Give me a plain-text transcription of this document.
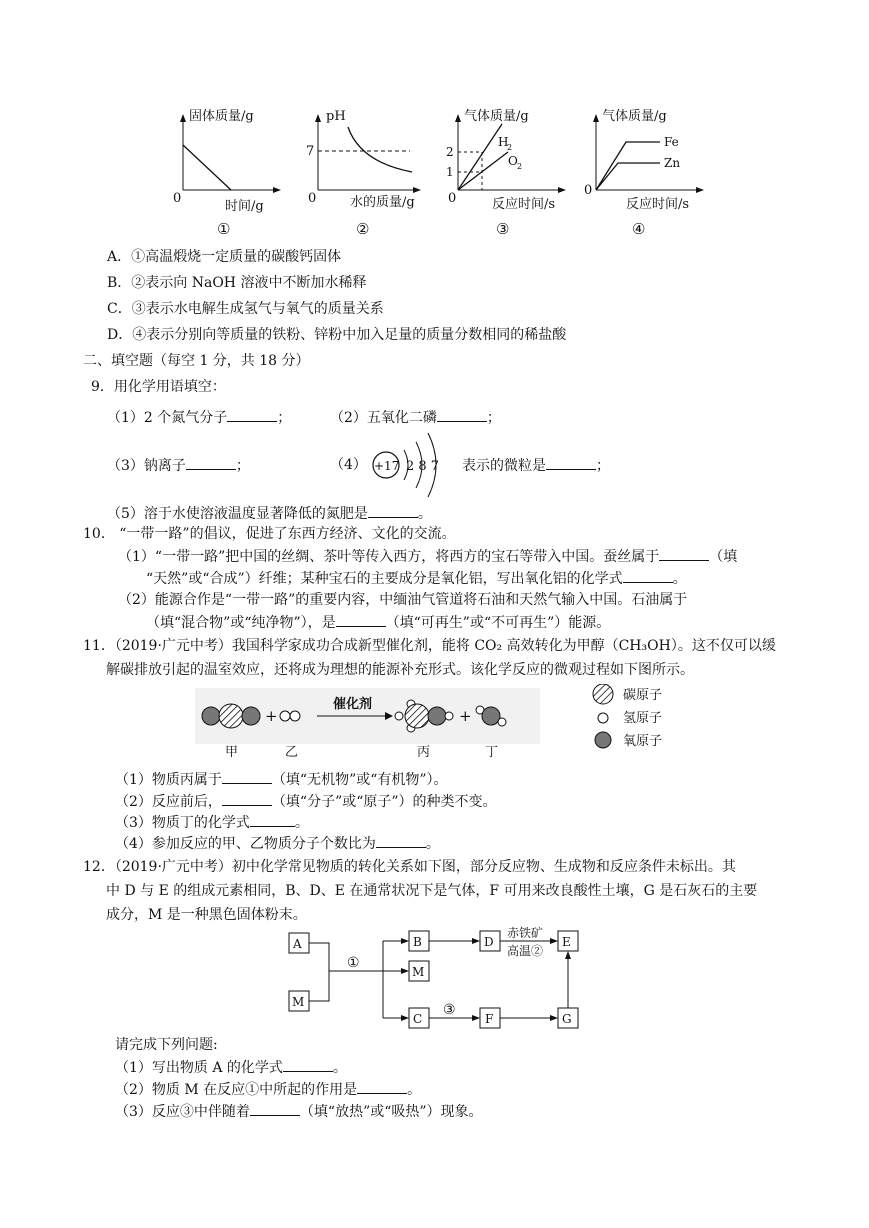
固体质量/g
0
时间/g
①
pH
7
0	水的质量/g
②
气体质量/g
2
1
0
H
2
O 2
反应时间/s
③
气体质量/g
Fe
Zn
0
反应时间/s
④
A．①高温煅烧一定质量的碳酸钙固体
B．②表示向 NaOH 溶液中不断加水稀释
C．③表示水电解生成氢气与氧气的质量关系
D．④表示分别向等质量的铁粉、锌粉中加入足量的质量分数相同的稀盐酸
二、填空题（每空 1 分，共 18 分）
9．用化学用语填空：
（1）2 个氮气分子	；	（2）五氧化二磷	；
（3）钠离子	；	（4） +17 2 8 7 表示的微粒是	；
（5）溶于水使溶液温度显著降低的氮肥是	。
10． “一带一路”的倡议，促进了东西方经济、文化的交流。
（1）“一带一路”把中国的丝绸、茶叶等传入西方，将西方的宝石等带入中国。蚕丝属于	（填
“天然”或“合成”）纤维；某种宝石的主要成分是氧化铝，写出氧化铝的化学式	。
（2）能源合作是“一带一路”的重要内容，中缅油气管道将石油和天然气输入中国。石油属于
（填“混合物”或“纯净物”），是	（填“可再生”或“不可再生”）能源。
11．（2019·广元中考）我国科学家成功合成新型催化剂，能将 CO₂ 高效转化为甲醇（CH₃OH）。这不仅可以缓
解碳排放引起的温室效应，还将成为理想的能源补充形式。该化学反应的微观过程如下图所示。
+
催化剂
+
甲	乙	丙	丁
碳原子
氢原子
氧原子
（1）物质丙属于	（填“无机物”或“有机物”）。
（2）反应前后，	（填“分子”或“原子”）的种类不变。
（3）物质丁的化学式	。
（4）参加反应的甲、乙物质分子个数比为	。
12．（2019·广元中考）初中化学常见物质的转化关系如下图，部分反应物、生成物和反应条件未标出。其
中 D 与 E 的组成元素相同，B、D、E 在通常状况下是气体，F 可用来改良酸性土壤，G 是石灰石的主要
成分，M 是一种黑色固体粉末。
A
M
B
M
C
D	E
F	G
①
赤铁矿
高温②
③
请完成下列问题:
（1）写出物质 A 的化学式	。
（2）物质 M 在反应①中所起的作用是	。
（3）反应③中伴随着	（填“放热”或“吸热”）现象。
